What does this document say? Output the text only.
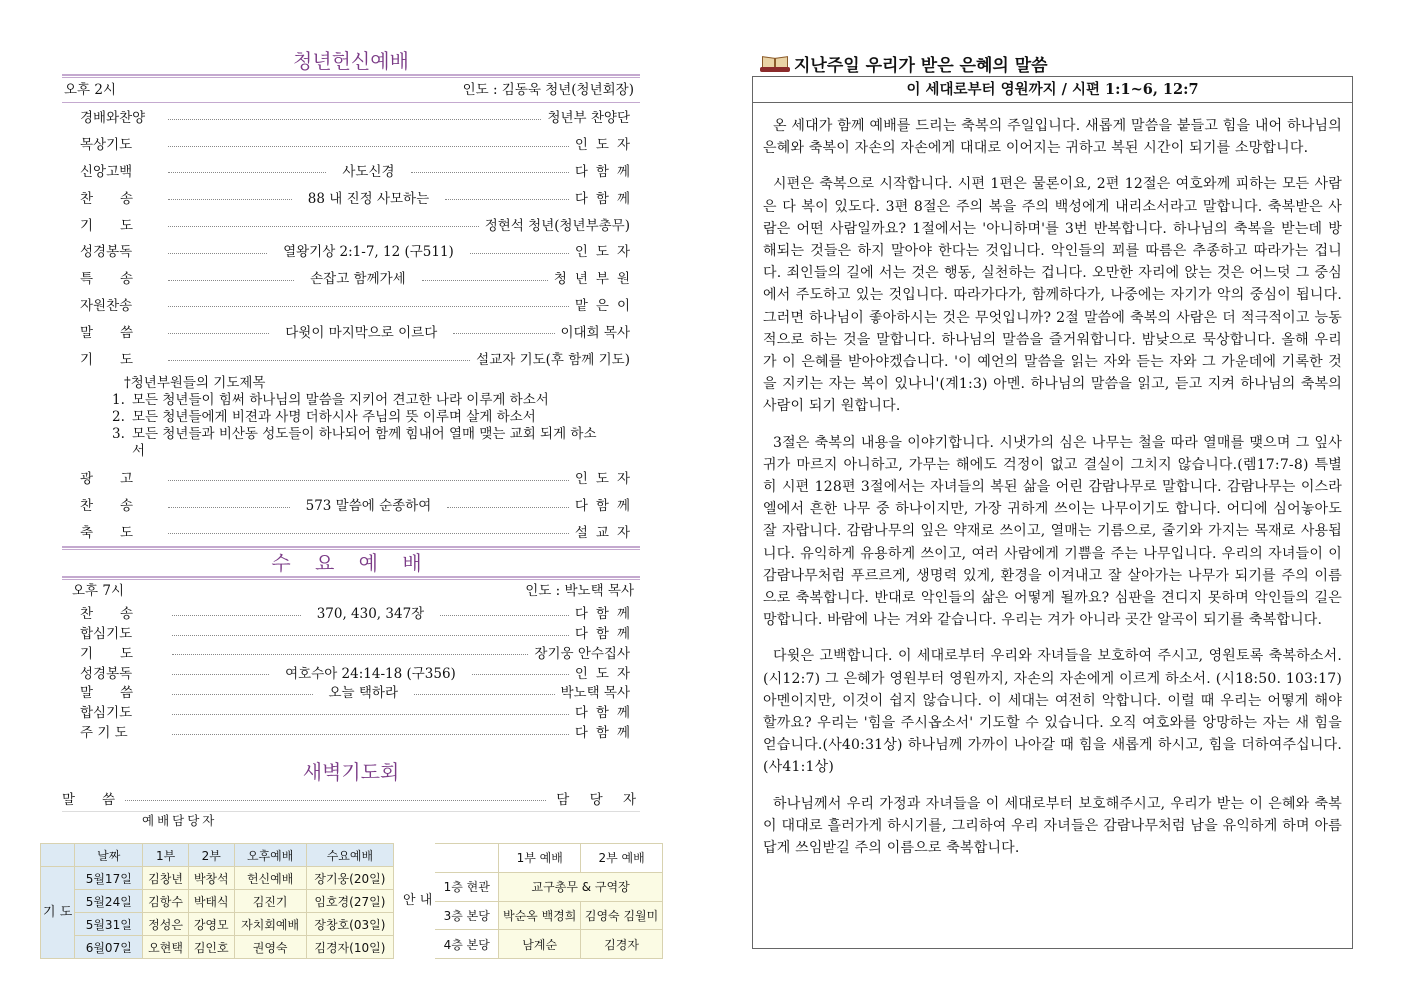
청년헌신예배
오후 2시	인도 : 김동욱 청년(청년회장)
경배와찬양	청년부 찬양단
목상기도	인도자
신앙고백	사도신경	다함께
찬　　송	88 내 진정 사모하는	다함께
기　　도	정현석 청년(청년부총무)
성경봉독	열왕기상 2:1-7, 12 (구511)	인도자
특　　송	손잡고 함께가세	청년부원
자원찬송	맡은이
말　　씀	다윗이 마지막으로 이르다	이대희 목사
기　　도	설교자 기도(후 함께 기도)
†청년부원들의 기도제목
1. 모든 청년들이 힘써 하나님의 말씀을 지키어 견고한 나라 이루게 하소서
2. 모든 청년들에게 비젼과 사명 더하시사 주님의 뜻 이루며 살게 하소서
3. 모든 청년들과 비산동 성도들이 하나되어 함께 힘내어 열매 맺는 교회 되게 하소서
광　　고	인도자
찬　　송	573 말씀에 순종하여	다함께
축　　도	설교자
수 요 예 배
오후 7시	인도 : 박노택 목사
찬　　송	370, 430, 347장	다함께
합심기도	다함께
기　　도	장기웅 안수집사
성경봉독	여호수아 24:14-18 (구356)	인도자
말　　씀	오늘 택하라	박노택 목사
합심기도	다함께
주 기 도	다함께
새벽기도회
말　　씀	담 당 자
예배담당자
	날짜	1부	2부	오후예배	수요예배
기 도	5월17일	김창년	박창석	헌신예배	장기웅(20일)
	5월24일	김항수	박태식	김진기	임호경(27일)
	5월31일	정성은	강영모	자치회예배	장창호(03일)
	6월07일	오현택	김인호	권영숙	김경자(10일)
안 내		1부 예배	2부 예배
	1층 현관	교구총무 & 구역장	
	3층 본당	박순옥 백경희	김영숙 김월미
	4층 본당	남계순	김경자
지난주일 우리가 받은 은혜의 말씀
이 세대로부터 영원까지 / 시편 1:1~6, 12:7

온 세대가 함께 예배를 드리는 축복의 주일입니다. 새롭게 말씀을 붙들고 힘을 내어 하나님의 은혜와 축복이 자손의 자손에게 대대로 이어지는 귀하고 복된 시간이 되기를 소망합니다.

시편은 축복으로 시작합니다. 시편 1편은 물론이요, 2편 12절은 여호와께 피하는 모든 사람은 다 복이 있도다. 3편 8절은 주의 복을 주의 백성에게 내리소서라고 말합니다. 축복받은 사람은 어떤 사람일까요? 1절에서는 '아니하며'를 3번 반복합니다. 하나님의 축복을 받는데 방해되는 것들은 하지 말아야 한다는 것입니다. 악인들의 꾀를 따름은 추종하고 따라가는 겁니다. 죄인들의 길에 서는 것은 행동, 실천하는 겁니다. 오만한 자리에 앉는 것은 어느덧 그 중심에서 주도하고 있는 것입니다. 따라가다가, 함께하다가, 나중에는 자기가 악의 중심이 됩니다. 그러면 하나님이 좋아하시는 것은 무엇입니까? 2절 말씀에 축복의 사람은 더 적극적이고 능동적으로 하는 것을 말합니다. 하나님의 말씀을 즐거워합니다. 밤낮으로 묵상합니다. 올해 우리가 이 은혜를 받아야겠습니다. '이 예언의 말씀을 읽는 자와 듣는 자와 그 가운데에 기록한 것을 지키는 자는 복이 있나니'(계1:3) 아멘. 하나님의 말씀을 읽고, 듣고 지켜 하나님의 축복의 사람이 되기 원합니다.

3절은 축복의 내용을 이야기합니다. 시냇가의 심은 나무는 철을 따라 열매를 맺으며 그 잎사귀가 마르지 아니하고, 가무는 해에도 걱정이 없고 결실이 그치지 않습니다.(렘17:7-8) 특별히 시편 128편 3절에서는 자녀들의 복된 삶을 어린 감람나무로 말합니다. 감람나무는 이스라엘에서 흔한 나무 중 하나이지만, 가장 귀하게 쓰이는 나무이기도 합니다. 어디에 심어놓아도 잘 자랍니다. 감람나무의 잎은 약재로 쓰이고, 열매는 기름으로, 줄기와 가지는 목재로 사용됩니다. 유익하게 유용하게 쓰이고, 여러 사람에게 기쁨을 주는 나무입니다. 우리의 자녀들이 이 감람나무처럼 푸르르게, 생명력 있게, 환경을 이겨내고 잘 살아가는 나무가 되기를 주의 이름으로 축복합니다. 반대로 악인들의 삶은 어떻게 될까요? 심판을 견디지 못하며 악인들의 길은 망합니다. 바람에 나는 겨와 같습니다. 우리는 겨가 아니라 곳간 알곡이 되기를 축복합니다.

다윗은 고백합니다. 이 세대로부터 우리와 자녀들을 보호하여 주시고, 영원토록 축복하소서.(시12:7) 그 은혜가 영원부터 영원까지, 자손의 자손에게 이르게 하소서. (시18:50. 103:17) 아멘이지만, 이것이 쉽지 않습니다. 이 세대는 여전히 악합니다. 이럴 때 우리는 어떻게 해야 할까요? 우리는 '힘을 주시옵소서' 기도할 수 있습니다. 오직 여호와를 앙망하는 자는 새 힘을 얻습니다.(사40:31상) 하나님께 가까이 나아갈 때 힘을 새롭게 하시고, 힘을 더하여주십니다.(사41:1상)

하나님께서 우리 가정과 자녀들을 이 세대로부터 보호해주시고, 우리가 받는 이 은혜와 축복이 대대로 흘러가게 하시기를, 그리하여 우리 자녀들은 감람나무처럼 남을 유익하게 하며 아름답게 쓰임받길 주의 이름으로 축복합니다.
